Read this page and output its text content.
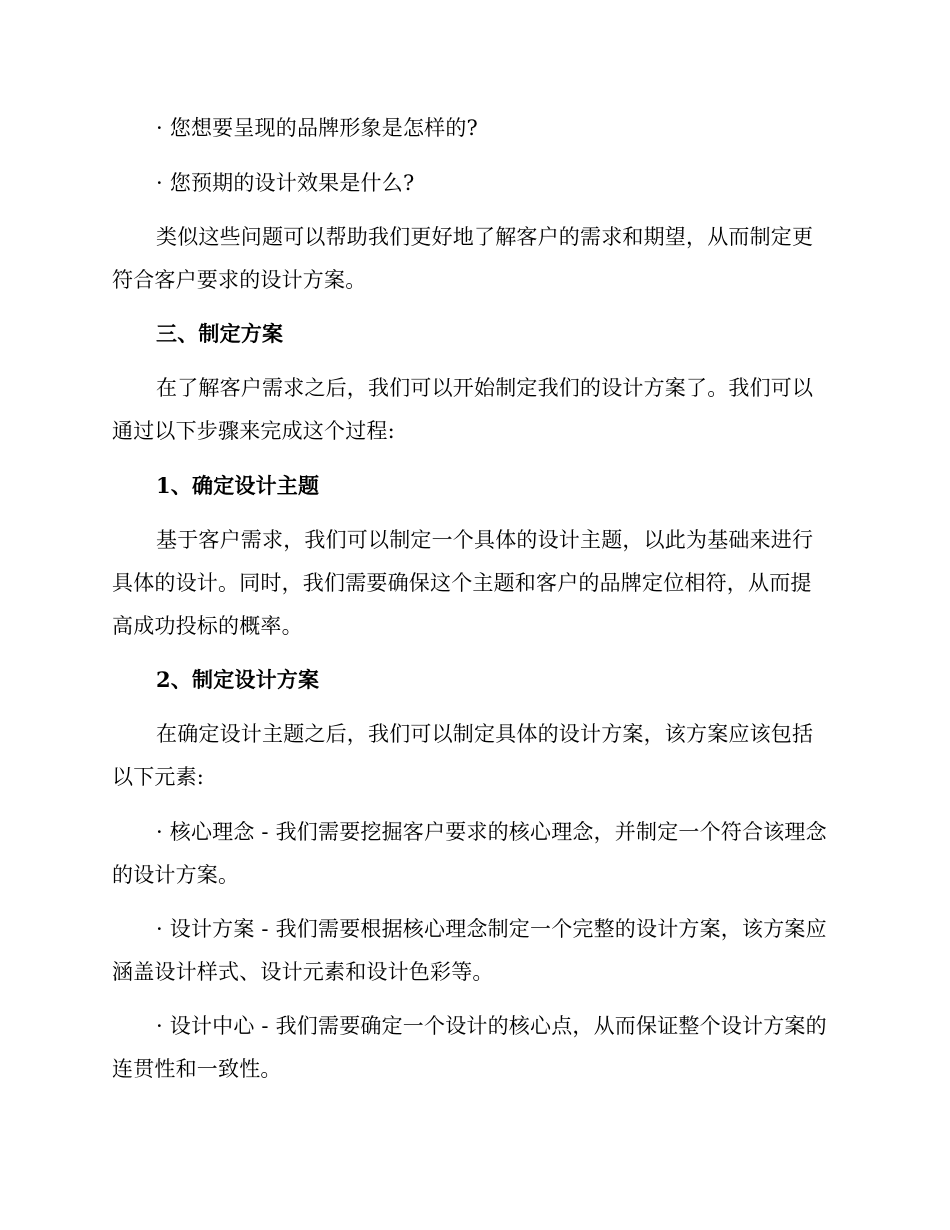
· 您想要呈现的品牌形象是怎样的?
· 您预期的设计效果是什么?
类似这些问题可以帮助我们更好地了解客户的需求和期望，从而制定更
符合客户要求的设计方案。
三、制定方案
在了解客户需求之后，我们可以开始制定我们的设计方案了。我们可以
通过以下步骤来完成这个过程:
1、确定设计主题
基于客户需求，我们可以制定一个具体的设计主题，以此为基础来进行
具体的设计。同时，我们需要确保这个主题和客户的品牌定位相符，从而提
高成功投标的概率。
2、制定设计方案
在确定设计主题之后，我们可以制定具体的设计方案，该方案应该包括
以下元素:
· 核心理念 - 我们需要挖掘客户要求的核心理念，并制定一个符合该理念
的设计方案。
· 设计方案 - 我们需要根据核心理念制定一个完整的设计方案，该方案应
涵盖设计样式、设计元素和设计色彩等。
· 设计中心 - 我们需要确定一个设计的核心点，从而保证整个设计方案的
连贯性和一致性。
